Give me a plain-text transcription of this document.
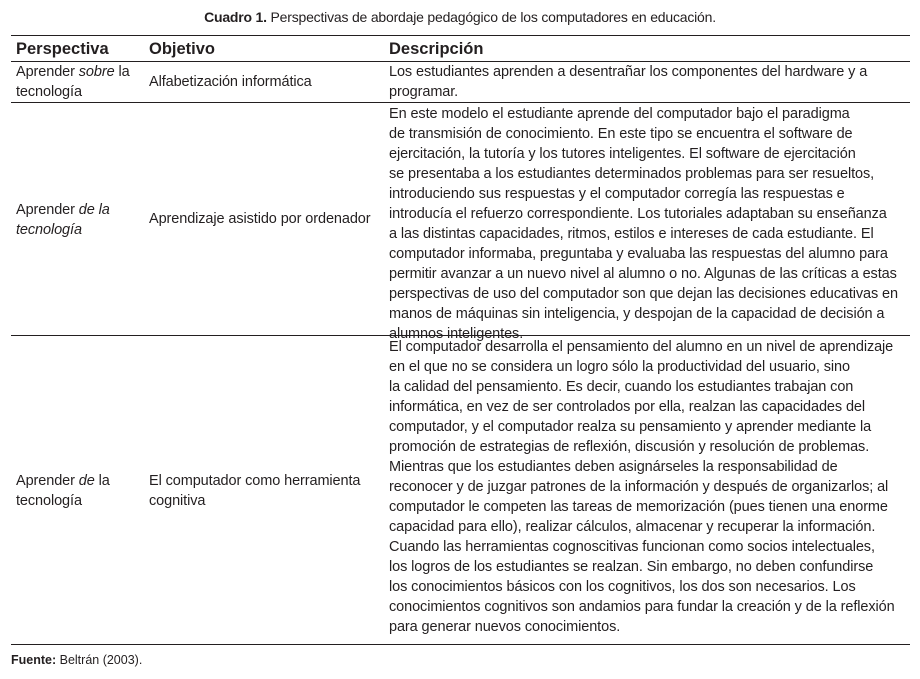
Cuadro 1. Perspectivas de abordaje pedagógico de los computadores en educación.
Perspectiva	Objetivo	Descripción
Aprender sobre la
tecnología
Alfabetización informática
Los estudiantes aprenden a desentrañar los componentes del hardware y a
programar.
Aprender de la
tecnología
Aprendizaje asistido por ordenador
En este modelo el estudiante aprende del computador bajo el paradigma
de transmisión de conocimiento. En este tipo se encuentra el software de
ejercitación, la tutoría y los tutores inteligentes. El software de ejercitación
se presentaba a los estudiantes determinados problemas para ser resueltos,
introduciendo sus respuestas y el computador corregía las respuestas e
introducía el refuerzo correspondiente. Los tutoriales adaptaban su enseñanza
a las distintas capacidades, ritmos, estilos e intereses de cada estudiante. El
computador informaba, preguntaba y evaluaba las respuestas del alumno para
permitir avanzar a un nuevo nivel al alumno o no. Algunas de las críticas a estas
perspectivas de uso del computador son que dejan las decisiones educativas en
manos de máquinas sin inteligencia, y despojan de la capacidad de decisión a
alumnos inteligentes.
Aprender de la
tecnología
El computador como herramienta
cognitiva
El computador desarrolla el pensamiento del alumno en un nivel de aprendizaje
en el que no se considera un logro sólo la productividad del usuario, sino
la calidad del pensamiento. Es decir, cuando los estudiantes trabajan con
informática, en vez de ser controlados por ella, realzan las capacidades del
computador, y el computador realza su pensamiento y aprender mediante la
promoción de estrategias de reflexión, discusión y resolución de problemas.
Mientras que los estudiantes deben asignárseles la responsabilidad de
reconocer y de juzgar patrones de la información y después de organizarlos; al
computador le competen las tareas de memorización (pues tienen una enorme
capacidad para ello), realizar cálculos, almacenar y recuperar la información.
Cuando las herramientas cognoscitivas funcionan como socios intelectuales,
los logros de los estudiantes se realzan. Sin embargo, no deben confundirse
los conocimientos básicos con los cognitivos, los dos son necesarios. Los
conocimientos cognitivos son andamios para fundar la creación y de la reflexión
para generar nuevos conocimientos.
Fuente: Beltrán (2003).
